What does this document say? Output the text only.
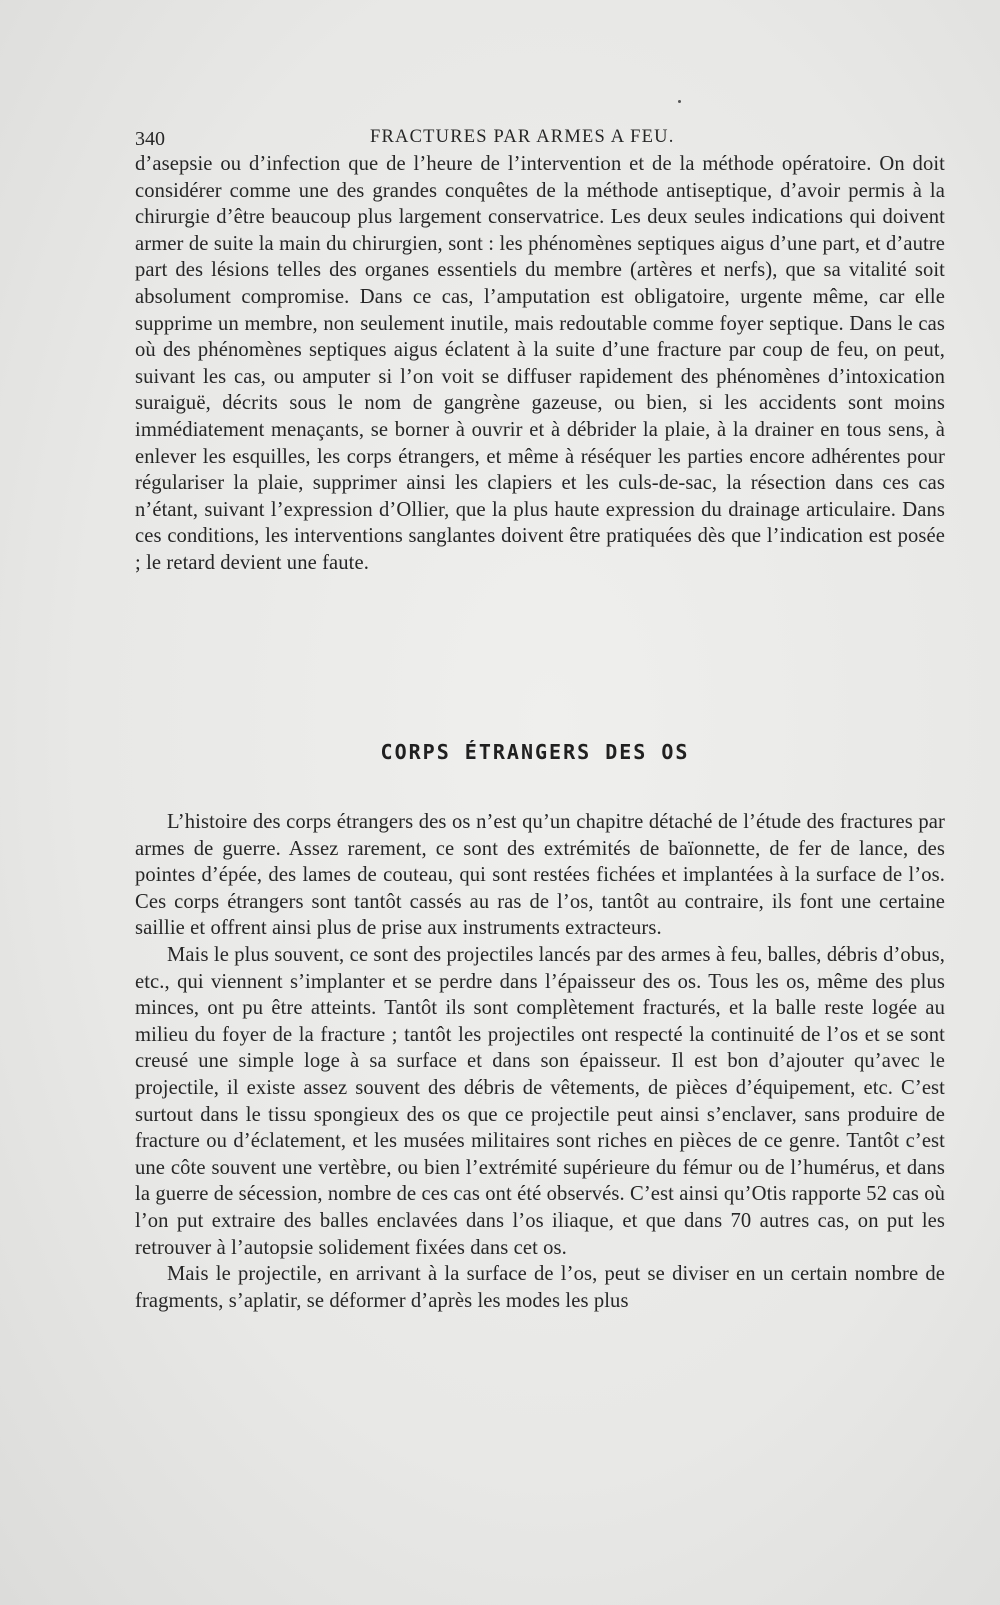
340	FRACTURES PAR ARMES A FEU.

d’asepsie ou d’infection que de l’heure de l’intervention et de la méthode opératoire. On doit considérer comme une des grandes conquêtes de la méthode antiseptique, d’avoir permis à la chirurgie d’être beaucoup plus largement conservatrice. Les deux seules indications qui doivent armer de suite la main du chirurgien, sont : les phénomènes septiques aigus d’une part, et d’autre part des lésions telles des organes essentiels du membre (artères et nerfs), que sa vitalité soit absolument compromise. Dans ce cas, l’amputation est obligatoire, urgente même, car elle supprime un membre, non seulement inutile, mais redoutable comme foyer septique. Dans le cas où des phénomènes septiques aigus éclatent à la suite d’une fracture par coup de feu, on peut, suivant les cas, ou amputer si l’on voit se diffuser rapidement des phénomènes d’intoxication suraiguë, décrits sous le nom de gangrène gazeuse, ou bien, si les accidents sont moins immédiatement menaçants, se borner à ouvrir et à débrider la plaie, à la drainer en tous sens, à enlever les esquilles, les corps étrangers, et même à réséquer les parties encore adhérentes pour régulariser la plaie, supprimer ainsi les clapiers et les culs-de-sac, la résection dans ces cas n’étant, suivant l’expression d’Ollier, que la plus haute expression du drainage articulaire. Dans ces conditions, les interventions sanglantes doivent être pratiquées dès que l’indication est posée ; le retard devient une faute.

CORPS ÉTRANGERS DES OS

L’histoire des corps étrangers des os n’est qu’un chapitre détaché de l’étude des fractures par armes de guerre. Assez rarement, ce sont des extrémités de baïonnette, de fer de lance, des pointes d’épée, des lames de couteau, qui sont restées fichées et implantées à la surface de l’os. Ces corps étrangers sont tantôt cassés au ras de l’os, tantôt au contraire, ils font une certaine saillie et offrent ainsi plus de prise aux instruments extracteurs.

Mais le plus souvent, ce sont des projectiles lancés par des armes à feu, balles, débris d’obus, etc., qui viennent s’implanter et se perdre dans l’épaisseur des os. Tous les os, même des plus minces, ont pu être atteints. Tantôt ils sont complètement fracturés, et la balle reste logée au milieu du foyer de la fracture ; tantôt les projectiles ont respecté la continuité de l’os et se sont creusé une simple loge à sa surface et dans son épaisseur. Il est bon d’ajouter qu’avec le projectile, il existe assez souvent des débris de vêtements, de pièces d’équipement, etc. C’est surtout dans le tissu spongieux des os que ce projectile peut ainsi s’enclaver, sans produire de fracture ou d’éclatement, et les musées militaires sont riches en pièces de ce genre. Tantôt c’est une côte souvent une vertèbre, ou bien l’extrémité supérieure du fémur ou de l’humérus, et dans la guerre de sécession, nombre de ces cas ont été observés. C’est ainsi qu’Otis rapporte 52 cas où l’on put extraire des balles enclavées dans l’os iliaque, et que dans 70 autres cas, on put les retrouver à l’autopsie solidement fixées dans cet os.

Mais le projectile, en arrivant à la surface de l’os, peut se diviser en un certain nombre de fragments, s’aplatir, se déformer d’après les modes les plus
